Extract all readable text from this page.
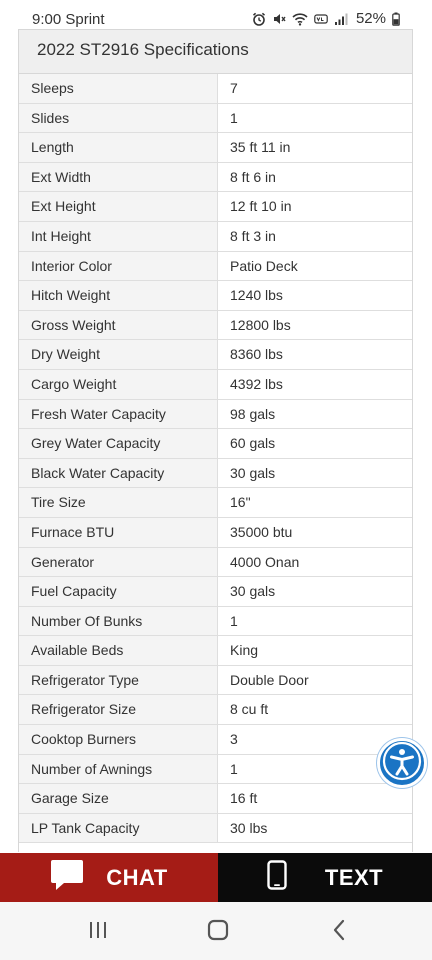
9:00 Sprint	52%
2022 ST2916 Specifications
Sleeps	7
Slides	1
Length	35 ft 11 in
Ext Width	8 ft 6 in
Ext Height	12 ft 10 in
Int Height	8 ft 3 in
Interior Color	Patio Deck
Hitch Weight	1240 lbs
Gross Weight	12800 lbs
Dry Weight	8360 lbs
Cargo Weight	4392 lbs
Fresh Water Capacity	98 gals
Grey Water Capacity	60 gals
Black Water Capacity	30 gals
Tire Size	16"
Furnace BTU	35000 btu
Generator	4000 Onan
Fuel Capacity	30 gals
Number Of Bunks	1
Available Beds	King
Refrigerator Type	Double Door
Refrigerator Size	8 cu ft
Cooktop Burners	3
Number of Awnings	1
Garage Size	16 ft
LP Tank Capacity	30 lbs
CHAT	TEXT
